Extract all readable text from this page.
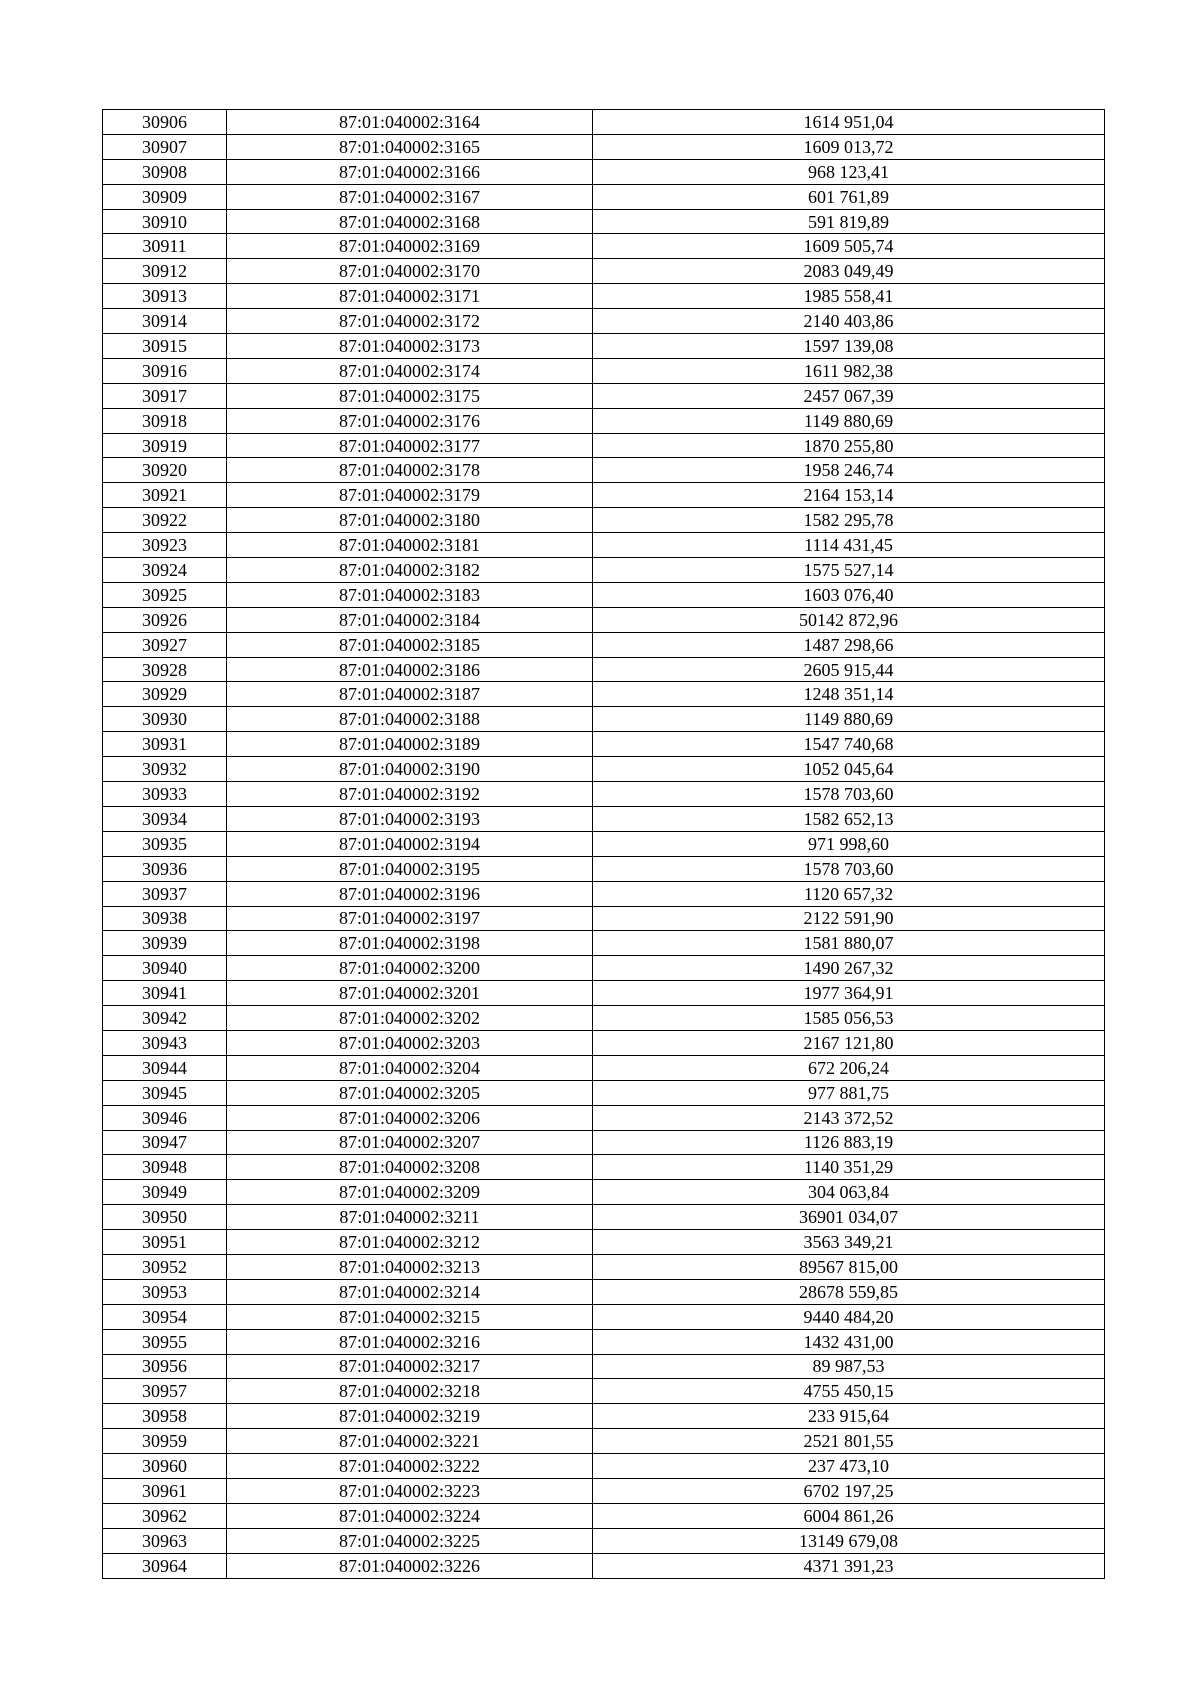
30906	87:01:040002:3164	1614 951,04
30907	87:01:040002:3165	1609 013,72
30908	87:01:040002:3166	968 123,41
30909	87:01:040002:3167	601 761,89
30910	87:01:040002:3168	591 819,89
30911	87:01:040002:3169	1609 505,74
30912	87:01:040002:3170	2083 049,49
30913	87:01:040002:3171	1985 558,41
30914	87:01:040002:3172	2140 403,86
30915	87:01:040002:3173	1597 139,08
30916	87:01:040002:3174	1611 982,38
30917	87:01:040002:3175	2457 067,39
30918	87:01:040002:3176	1149 880,69
30919	87:01:040002:3177	1870 255,80
30920	87:01:040002:3178	1958 246,74
30921	87:01:040002:3179	2164 153,14
30922	87:01:040002:3180	1582 295,78
30923	87:01:040002:3181	1114 431,45
30924	87:01:040002:3182	1575 527,14
30925	87:01:040002:3183	1603 076,40
30926	87:01:040002:3184	50142 872,96
30927	87:01:040002:3185	1487 298,66
30928	87:01:040002:3186	2605 915,44
30929	87:01:040002:3187	1248 351,14
30930	87:01:040002:3188	1149 880,69
30931	87:01:040002:3189	1547 740,68
30932	87:01:040002:3190	1052 045,64
30933	87:01:040002:3192	1578 703,60
30934	87:01:040002:3193	1582 652,13
30935	87:01:040002:3194	971 998,60
30936	87:01:040002:3195	1578 703,60
30937	87:01:040002:3196	1120 657,32
30938	87:01:040002:3197	2122 591,90
30939	87:01:040002:3198	1581 880,07
30940	87:01:040002:3200	1490 267,32
30941	87:01:040002:3201	1977 364,91
30942	87:01:040002:3202	1585 056,53
30943	87:01:040002:3203	2167 121,80
30944	87:01:040002:3204	672 206,24
30945	87:01:040002:3205	977 881,75
30946	87:01:040002:3206	2143 372,52
30947	87:01:040002:3207	1126 883,19
30948	87:01:040002:3208	1140 351,29
30949	87:01:040002:3209	304 063,84
30950	87:01:040002:3211	36901 034,07
30951	87:01:040002:3212	3563 349,21
30952	87:01:040002:3213	89567 815,00
30953	87:01:040002:3214	28678 559,85
30954	87:01:040002:3215	9440 484,20
30955	87:01:040002:3216	1432 431,00
30956	87:01:040002:3217	89 987,53
30957	87:01:040002:3218	4755 450,15
30958	87:01:040002:3219	233 915,64
30959	87:01:040002:3221	2521 801,55
30960	87:01:040002:3222	237 473,10
30961	87:01:040002:3223	6702 197,25
30962	87:01:040002:3224	6004 861,26
30963	87:01:040002:3225	13149 679,08
30964	87:01:040002:3226	4371 391,23
